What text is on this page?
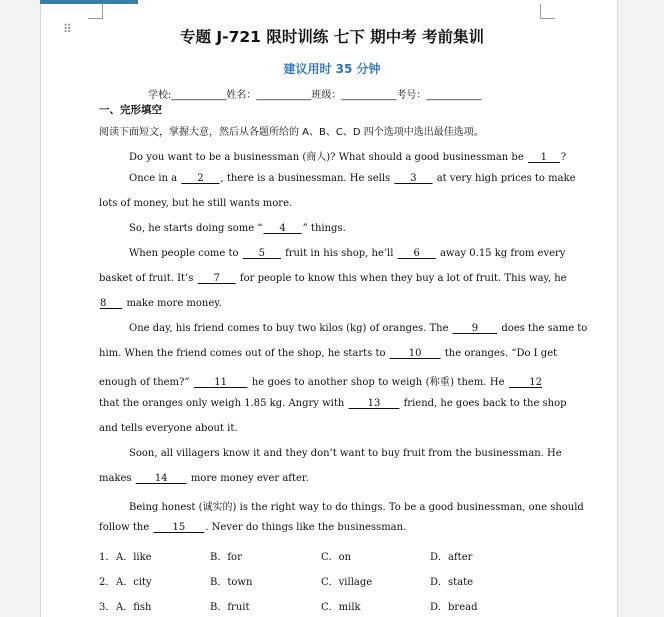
⠿	专题 J-721 限时训练 七下 期中考 考前集训
建议用时 35 分钟
学校:___________姓名：___________班级：___________考号：___________
一、完形填空
阅读下面短文，掌握大意，然后从各题所给的 A、B、C、D 四个选项中选出最佳选项。
Do you want to be a businessman (商人)? What should a good businessman be     1    ?
Once in a      2     , there is a businessman. He sells      3      at very high prices to make
lots of money, but he still wants more.
So, he starts doing some “     4     ” things.
When people come to      5      fruit in his shop, he’ll      6      away 0.15 kg from every
basket of fruit. It’s      7      for people to know this when they buy a lot of fruit. This way, he
8      make more money.
One day, his friend comes to buy two kilos (kg) of oranges. The       9       does the same to
him. When the friend comes out of the shop, he starts to       10       the oranges. “Do I get
enough of them?”       11       he goes to another shop to weigh (称重) them. He       12
that the oranges only weigh 1.85 kg. Angry with       13       friend, he goes back to the shop
and tells everyone about it.
Soon, all villagers know it and they don’t want to buy fruit from the businessman. He
makes       14       more money ever after.
Being honest (诚实的) is the right way to do things. To be a good businessman, one should
follow the       15      . Never do things like the businessman.
1． A．like	B．for	C．on	D．after
2． A．city	B．town	C．village	D．state
3． A．fish	B．fruit	C．milk	D．bread
